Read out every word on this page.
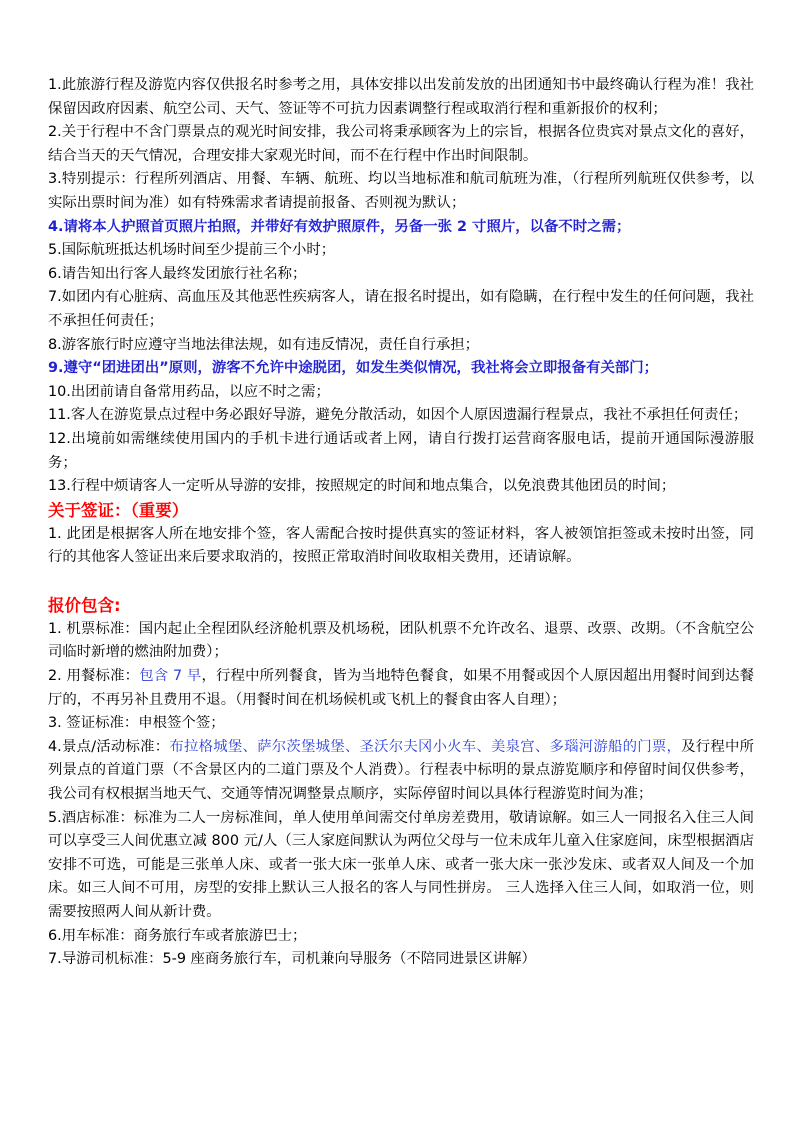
1.此旅游行程及游览内容仅供报名时参考之用，具体安排以出发前发放的出团通知书中最终确认行程为准！我社保留因政府因素、航空公司、天气、签证等不可抗力因素调整行程或取消行程和重新报价的权利；

2.关于行程中不含门票景点的观光时间安排，我公司将秉承顾客为上的宗旨，根据各位贵宾对景点文化的喜好，结合当天的天气情况，合理安排大家观光时间，而不在行程中作出时间限制。

3.特别提示：行程所列酒店、用餐、车辆、航班、均以当地标准和航司航班为准，（行程所列航班仅供参考，以实际出票时间为准）如有特殊需求者请提前报备、否则视为默认；

4.请将本人护照首页照片拍照，并带好有效护照原件，另备一张 2 寸照片，以备不时之需；

5.国际航班抵达机场时间至少提前三个小时；

6.请告知出行客人最终发团旅行社名称；

7.如团内有心脏病、高血压及其他恶性疾病客人，请在报名时提出，如有隐瞒，在行程中发生的任何问题，我社不承担任何责任；

8.游客旅行时应遵守当地法律法规，如有违反情况，责任自行承担；

9.遵守“团进团出”原则，游客不允许中途脱团，如发生类似情况，我社将会立即报备有关部门；

10.出团前请自备常用药品，以应不时之需；

11.客人在游览景点过程中务必跟好导游，避免分散活动，如因个人原因遗漏行程景点，我社不承担任何责任；

12.出境前如需继续使用国内的手机卡进行通话或者上网，请自行拨打运营商客服电话，提前开通国际漫游服务；

13.行程中烦请客人一定听从导游的安排，按照规定的时间和地点集合，以免浪费其他团员的时间；

关于签证：（重要）

1. 此团是根据客人所在地安排个签，客人需配合按时提供真实的签证材料，客人被领馆拒签或未按时出签，同行的其他客人签证出来后要求取消的，按照正常取消时间收取相关费用，还请谅解。

报价包含:

1. 机票标准：国内起止全程团队经济舱机票及机场税，团队机票不允许改名、退票、改票、改期。（不含航空公司临时新增的燃油附加费）；

2. 用餐标准：包含 7 早，行程中所列餐食，皆为当地特色餐食，如果不用餐或因个人原因超出用餐时间到达餐厅的，不再另补且费用不退。（用餐时间在机场候机或飞机上的餐食由客人自理）；

3. 签证标准：申根签个签；

4.景点/活动标准：布拉格城堡、萨尔茨堡城堡、圣沃尔夫冈小火车、美泉宫、多瑙河游船的门票，及行程中所列景点的首道门票（不含景区内的二道门票及个人消费）。行程表中标明的景点游览顺序和停留时间仅供参考，我公司有权根据当地天气、交通等情况调整景点顺序，实际停留时间以具体行程游览时间为准；

5.酒店标准：标准为二人一房标准间，单人使用单间需交付单房差费用，敬请谅解。如三人一同报名入住三人间可以享受三人间优惠立减 800 元/人（三人家庭间默认为两位父母与一位未成年儿童入住家庭间，床型根据酒店安排不可选，可能是三张单人床、或者一张大床一张单人床、或者一张大床一张沙发床、或者双人间及一个加床。如三人间不可用，房型的安排上默认三人报名的客人与同性拼房。 三人选择入住三人间，如取消一位，则需要按照两人间从新计费。

6.用车标准：商务旅行车或者旅游巴士；

7.导游司机标准：5-9 座商务旅行车，司机兼向导服务（不陪同进景区讲解）
